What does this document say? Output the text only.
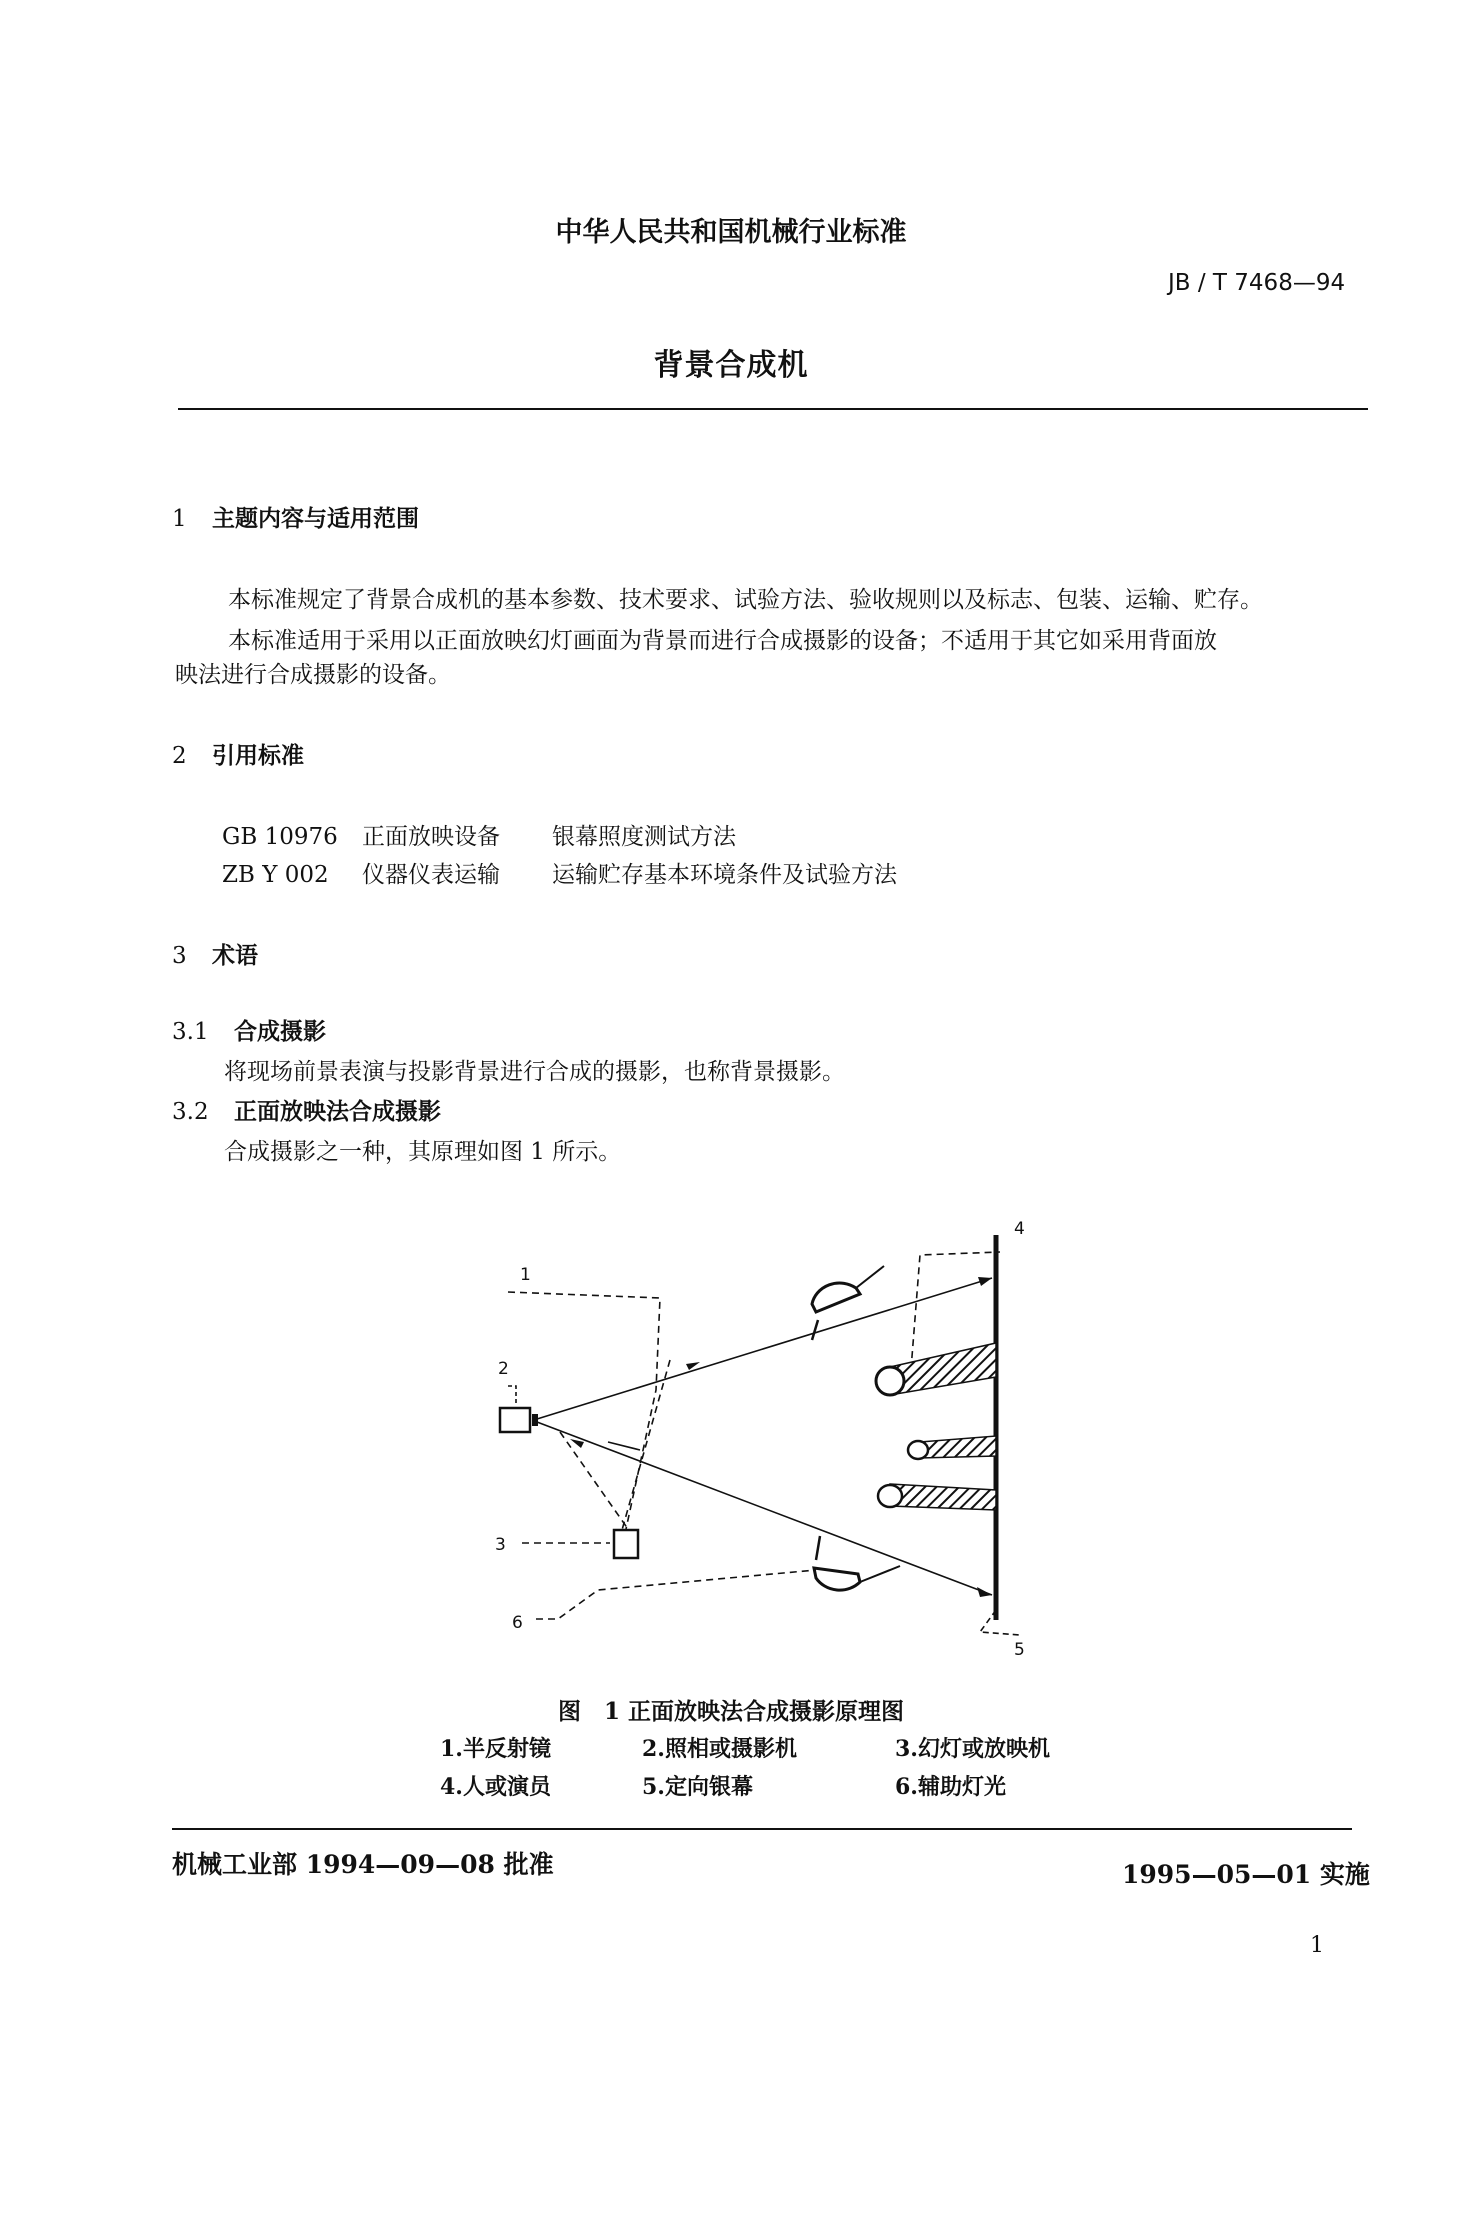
中华人民共和国机械行业标准
JB / T 7468—94
背景合成机
1 主题内容与适用范围
本标准规定了背景合成机的基本参数、技术要求、试验方法、验收规则以及标志、包装、运输、贮存。
本标准适用于采用以正面放映幻灯画面为背景而进行合成摄影的设备；不适用于其它如采用背面放
映法进行合成摄影的设备。
2 引用标准
GB 10976 正面放映设备 银幕照度测试方法
ZB Y 002 仪器仪表运输 运输贮存基本环境条件及试验方法
3 术语
3.1 合成摄影
将现场前景表演与投影背景进行合成的摄影，也称背景摄影。
3.2 正面放映法合成摄影
合成摄影之一种，其原理如图 1 所示。
1
2
3
4
5
6
图　1 正面放映法合成摄影原理图
1.半反射镜	2.照相或摄影机	3.幻灯或放映机
4.人或演员	5.定向银幕	6.辅助灯光
机械工业部 1994—09—08 批准	1995—05—01 实施
1
